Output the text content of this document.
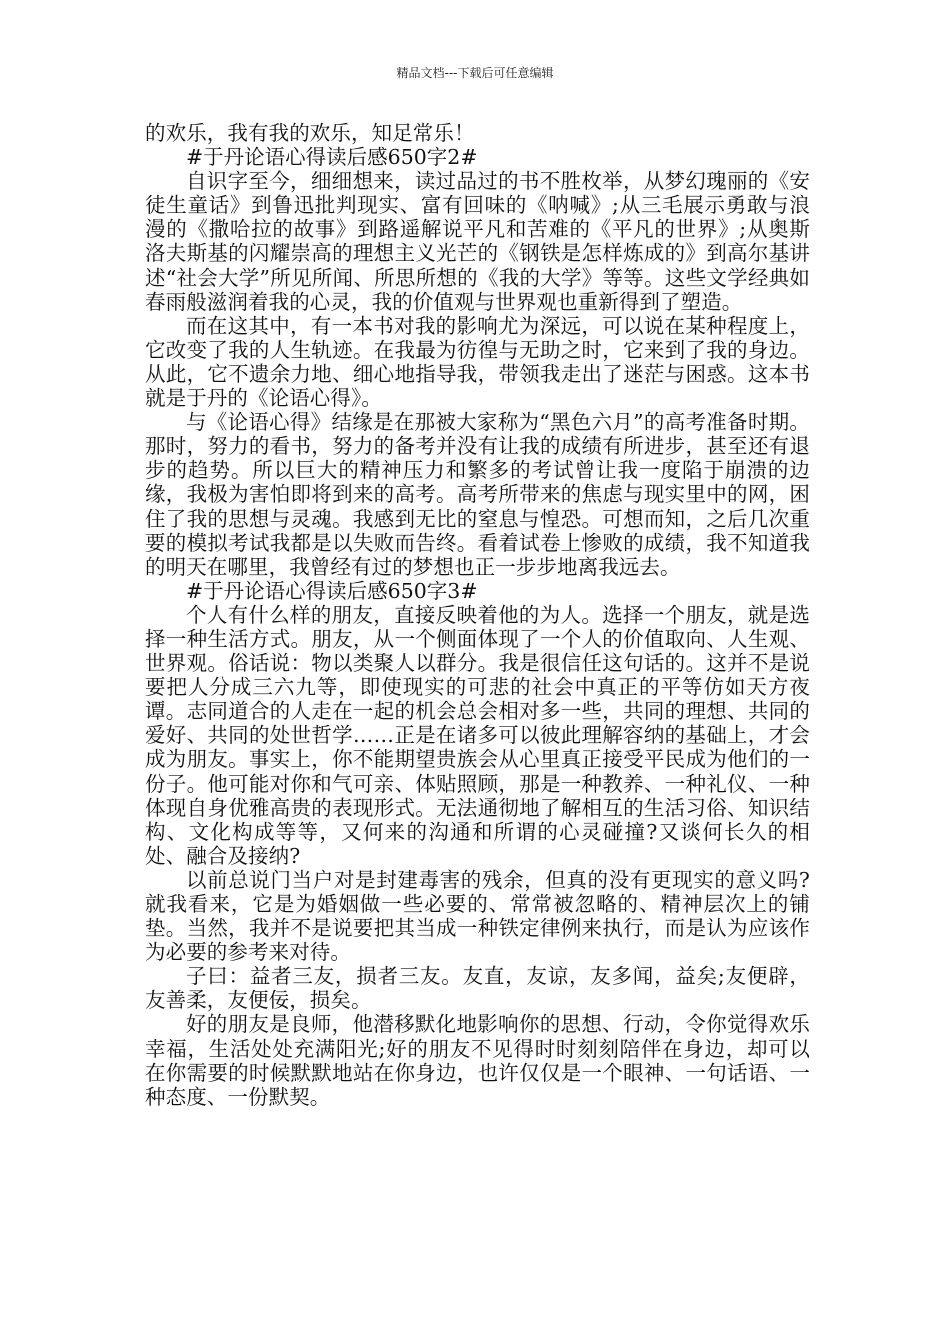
精品文档---下载后可任意编辑

的欢乐，我有我的欢乐，知足常乐！

#于丹论语心得读后感650字2#

自识字至今，细细想来，读过品过的书不胜枚举，从梦幻瑰丽的《安徒生童话》到鲁迅批判现实、富有回味的《呐喊》;从三毛展示勇敢与浪漫的《撒哈拉的故事》到路遥解说平凡和苦难的《平凡的世界》;从奥斯洛夫斯基的闪耀崇高的理想主义光芒的《钢铁是怎样炼成的》到高尔基讲述“社会大学”所见所闻、所思所想的《我的大学》等等。这些文学经典如春雨般滋润着我的心灵，我的价值观与世界观也重新得到了塑造。

而在这其中，有一本书对我的影响尤为深远，可以说在某种程度上，它改变了我的人生轨迹。在我最为彷徨与无助之时，它来到了我的身边。从此，它不遗余力地、细心地指导我，带领我走出了迷茫与困惑。这本书就是于丹的《论语心得》。

与《论语心得》结缘是在那被大家称为“黑色六月”的高考准备时期。那时，努力的看书，努力的备考并没有让我的成绩有所进步，甚至还有退步的趋势。所以巨大的精神压力和繁多的考试曾让我一度陷于崩溃的边缘，我极为害怕即将到来的高考。高考所带来的焦虑与现实里中的网，困住了我的思想与灵魂。我感到无比的窒息与惶恐。可想而知，之后几次重要的模拟考试我都是以失败而告终。看着试卷上惨败的成绩，我不知道我的明天在哪里，我曾经有过的梦想也正一步步地离我远去。

#于丹论语心得读后感650字3#

个人有什么样的朋友，直接反映着他的为人。选择一个朋友，就是选择一种生活方式。朋友，从一个侧面体现了一个人的价值取向、人生观、世界观。俗话说：物以类聚人以群分。我是很信任这句话的。这并不是说要把人分成三六九等，即使现实的可悲的社会中真正的平等仿如天方夜谭。志同道合的人走在一起的机会总会相对多一些，共同的理想、共同的爱好、共同的处世哲学……正是在诸多可以彼此理解容纳的基础上，才会成为朋友。事实上，你不能期望贵族会从心里真正接受平民成为他们的一份子。他可能对你和气可亲、体贴照顾，那是一种教养、一种礼仪、一种体现自身优雅高贵的表现形式。无法通彻地了解相互的生活习俗、知识结构、文化构成等等，又何来的沟通和所谓的心灵碰撞?又谈何长久的相处、融合及接纳?

以前总说门当户对是封建毒害的残余，但真的没有更现实的意义吗?就我看来，它是为婚姻做一些必要的、常常被忽略的、精神层次上的铺垫。当然，我并不是说要把其当成一种铁定律例来执行，而是认为应该作为必要的参考来对待。

子曰：益者三友，损者三友。友直，友谅，友多闻，益矣;友便辟，友善柔，友便佞，损矣。

好的朋友是良师，他潜移默化地影响你的思想、行动，令你觉得欢乐幸福，生活处处充满阳光;好的朋友不见得时时刻刻陪伴在身边，却可以在你需要的时候默默地站在你身边，也许仅仅是一个眼神、一句话语、一种态度、一份默契。
